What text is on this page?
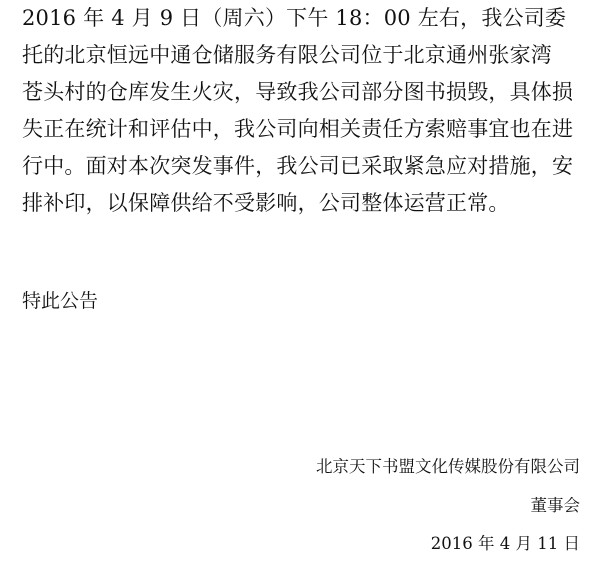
2016 年 4 月 9 日（周六）下午 18：00 左右，我公司委
托的北京恒远中通仓储服务有限公司位于北京通州张家湾
苍头村的仓库发生火灾，导致我公司部分图书损毁，具体损
失正在统计和评估中，我公司向相关责任方索赔事宜也在进
行中。面对本次突发事件，我公司已采取紧急应对措施，安
排补印，以保障供给不受影响，公司整体运营正常。
特此公告
北京天下书盟文化传媒股份有限公司
董事会
2016 年 4 月 11 日
